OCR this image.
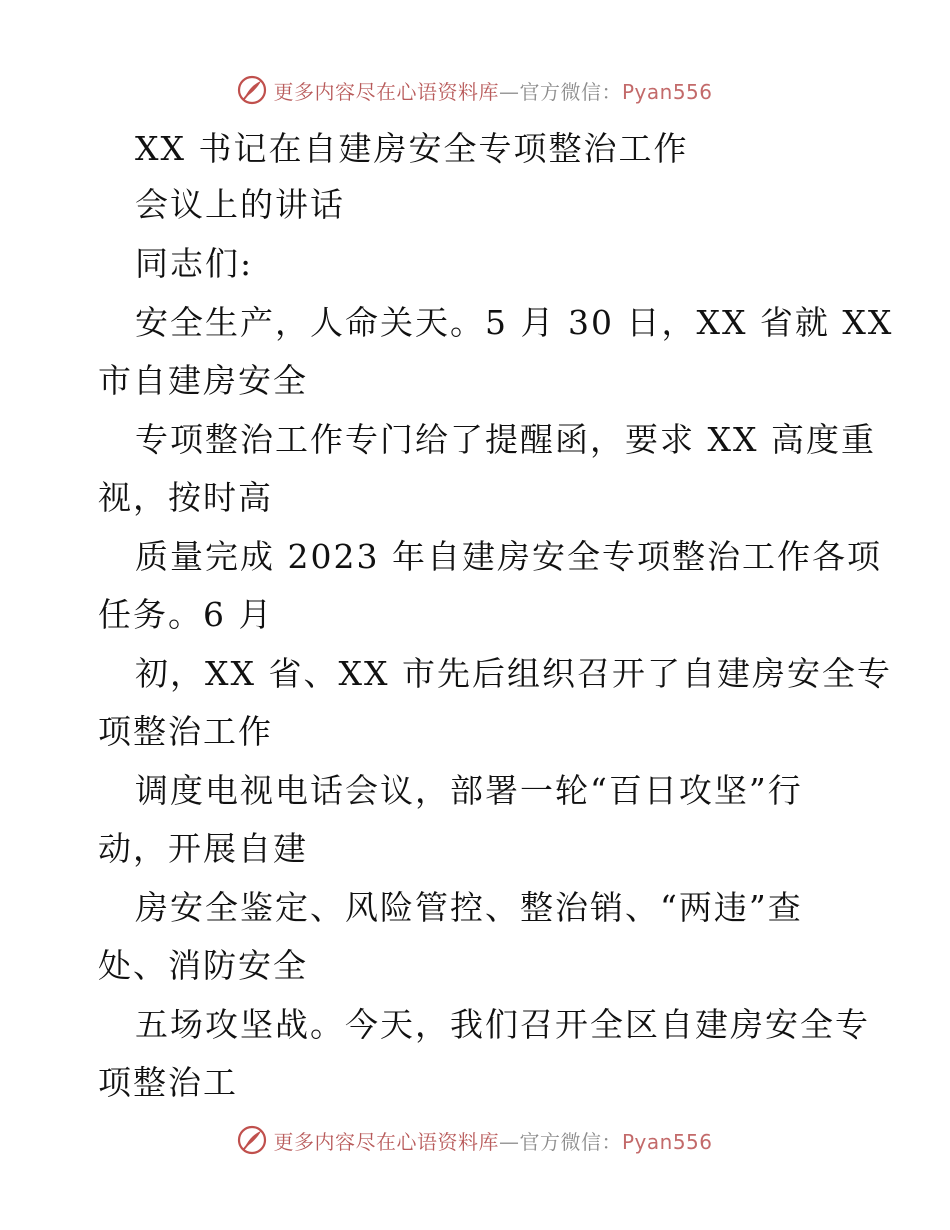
更多内容尽在心语资料库—官方微信：Pyan556
XX 书记在自建房安全专项整治工作
会议上的讲话
同志们:
安全生产，人命关天。5 月 30 日，XX 省就 XX
市自建房安全
专项整治工作专门给了提醒函，要求 XX 高度重
视，按时高
质量完成 2023 年自建房安全专项整治工作各项
任务。6 月
初，XX 省、XX 市先后组织召开了自建房安全专
项整治工作
调度电视电话会议，部署一轮“百日攻坚”行
动，开展自建
房安全鉴定、风险管控、整治销、“两违”查
处、消防安全
五场攻坚战。今天，我们召开全区自建房安全专
项整治工
更多内容尽在心语资料库—官方微信：Pyan556
